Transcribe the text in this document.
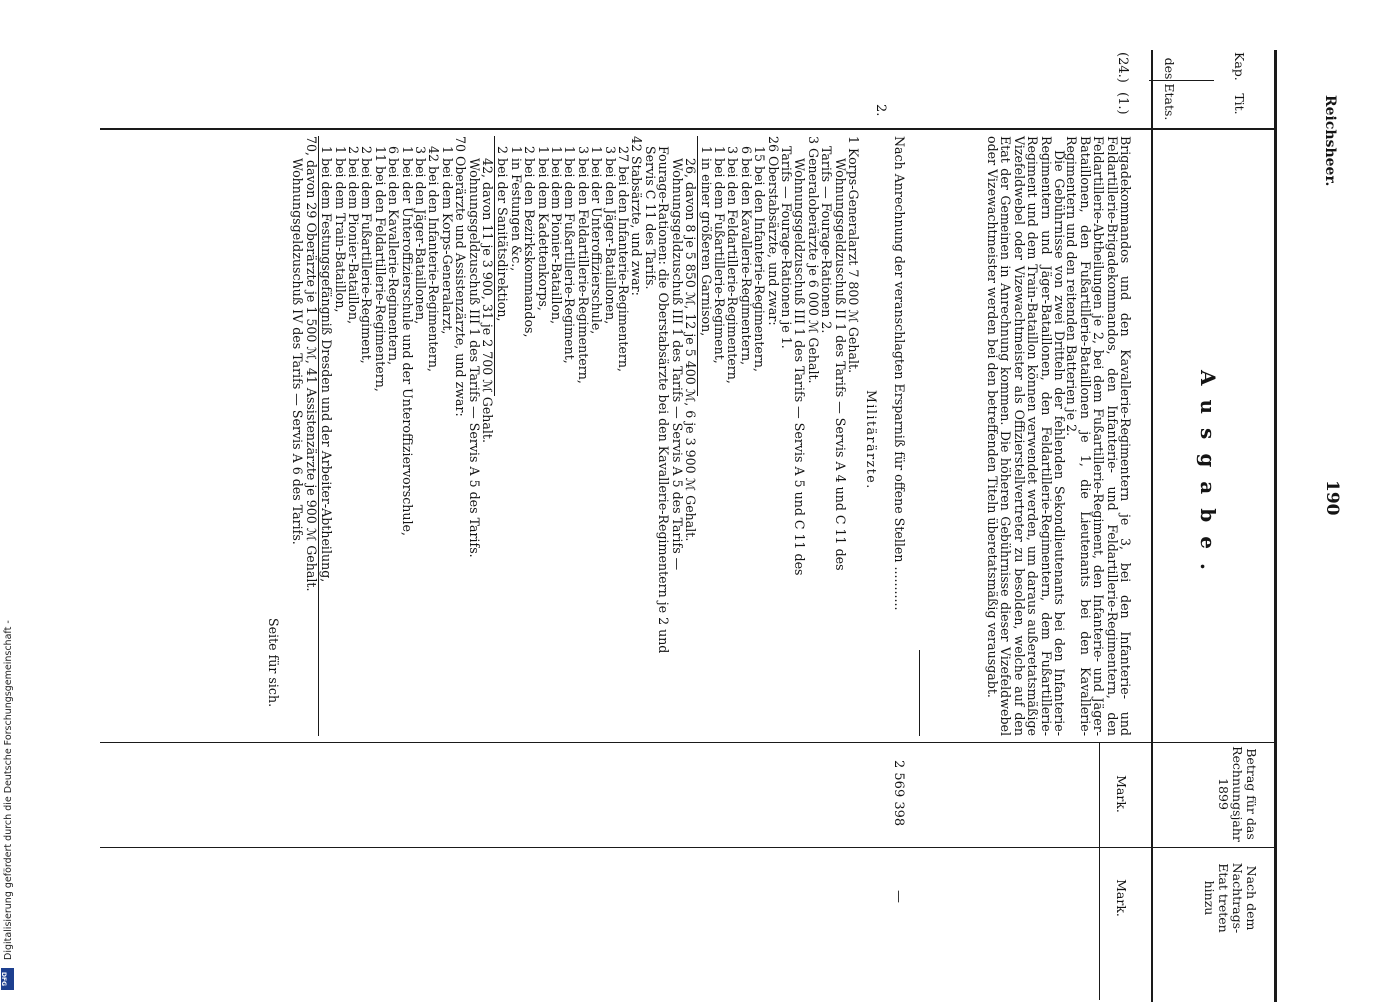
Reichsheer.
190
Kap.
Tit.
des Etats.
(24.)
(1.)
2.
Ausgabe.
Betrag für das Rechnungsjahr 1899
Mark.
Nach dem Nachtrags-Etat treten hinzu
Mark.
Brigadekommandos und den Kavallerie-Regimentern je 3, bei den Infanterie- und Feldartillerie-Brigadekommandos, den Infanterie- und Feldartillerie-Regimentern, den Feldartillerie-Abtheilungen je 2, bei dem Fußartillerie-Regiment, den Infanterie- und Jäger-Bataillonen, den Fußartillerie-Bataillonen je 1, die Lieutenants bei den Kavallerie-Regimentern und den reitenden Batterien je 2.
Die Gebührnisse von zwei Dritteln der fehlenden Sekondlieutenants bei den Infanterie-Regimentern und Jäger-Bataillonen, den Feldartillerie-Regimentern, dem Fußartillerie-Regiment und dem Train-Bataillon können verwendet werden, um daraus außeretatsmäßige Vizefeldwebel oder Vizewachtmeister als Offizierstellvertreter zu besolden, welche auf den Etat der Gemeinen in Anrechnung kommen. Die höheren Gebührnisse dieser Vizefeldwebel oder Vizewachtmeister werden bei den betreffenden Titeln überetatsmäßig verausgabt.
Nach Anrechnung der veranschlagten Ersparniß für offene Stellen ...........
2 569 398
—
Militärärzte.
1 Korps-Generalarzt 7 800 ℳ Gehalt.
Wohnungsgeldzuschuß II 1 des Tarifs — Servis A 4 und C 11 des
Tarifs — Fourage-Rationen 2.
3 Generaloberärzte je 6 000 ℳ Gehalt.
Wohnungsgeldzuschuß III 1 des Tarifs — Servis A 5 und C 11 des
Tarifs — Fourage-Rationen je 1.
26 Oberstabsärzte, und zwar:
15 bei den Infanterie-Regimentern,
6 bei den Kavallerie-Regimentern,
3 bei den Feldartillerie-Regimentern,
1 bei dem Fußartillerie-Regiment,
1 in einer größeren Garnison,
26, davon 8 je 5 850 ℳ, 12 je 5 400 ℳ, 6 je 3 900 ℳ Gehalt.
Wohnungsgeldzuschuß III 1 des Tarifs — Servis A 5 des Tarifs —
Fourage-Rationen: die Oberstabsärzte bei den Kavallerie-Regimentern je 2 und
Servis C 11 des Tarifs.
42 Stabsärzte, und zwar:
27 bei den Infanterie-Regimentern,
3 bei den Jäger-Bataillonen,
1 bei der Unteroffizierschule,
3 bei den Feldartillerie-Regimentern,
1 bei dem Fußartillerie-Regiment,
1 bei dem Pionier-Bataillon,
1 bei dem Kadettenkorps,
2 bei den Bezirkskommandos,
1 in Festungen &c.,
2 bei der Sanitätsdirektion,
42, davon 11 je 3 900, 31 je 2 700 ℳ Gehalt.
Wohnungsgeldzuschuß III 1 des Tarifs — Servis A 5 des Tarifs.
70 Oberärzte und Assistenzärzte, und zwar:
1 bei dem Korps-Generalarzt,
42 bei den Infanterie-Regimentern,
3 bei den Jäger-Bataillonen,
1 bei der Unteroffizierschule und der Unteroffiziervorschule,
6 bei den Kavallerie-Regimentern,
11 bei den Feldartillerie-Regimentern,
2 bei dem Fußartillerie-Regiment,
2 bei dem Pionier-Bataillon,
1 bei dem Train-Bataillon,
1 bei dem Festungsgefängniß Dresden und der Arbeiter-Abtheilung,
70, davon 29 Oberärzte je 1 500 ℳ, 41 Assistenzärzte je 900 ℳ Gehalt.
Wohnungsgeldzuschuß IV des Tarifs — Servis A 6 des Tarifs.
Seite für sich.
Digitalisierung gefördert durch die Deutsche Forschungsgemeinschaft -
DFG
